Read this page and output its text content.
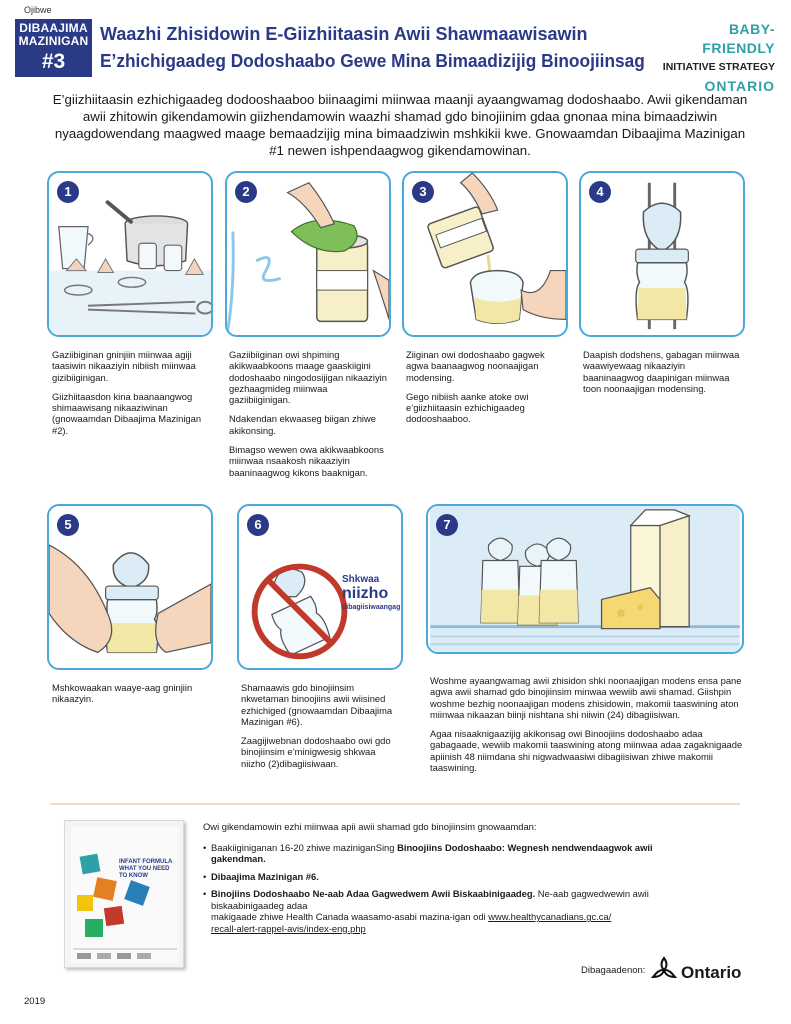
Ojibwe
DIBAAJIMA
MAZINIGAN
#3
Waazhi Zhisidowin E-Giizhiitaasin Awii Shawmaawisawin
E’zhichigaadeg Dodoshaabo Gewe Mina Bimaadizijig Binoojiinsag
BABY-FRIENDLY
INITIATIVE STRATEGY
ONTARIO
E’giizhiitaasin ezhichigaadeg dodooshaaboo biinaagimi miinwaa maanji ayaangwamag dodoshaabo. Awii gikendaman awii zhitowin gikendamowin giizhendamowin waazhi shamad gdo binojiinim gdaa gnonaa mina bimaadziwin nyaagdowendang maagwed maage bemaadzijig mina bimaadziwin mshkikii kwe. Gnowaamdan Dibaajima Mazinigan #1 newen ishpendaagwog gikendamowinan.
1	2	3	4

Gaziibiginan gninjiin miinwaa agiji taasiwin nikaaziyin nibiish miinwaa gizibiiginigan.

Giizhiitaasdon kina baanaangwog shimaawisang nikaaziwinan (gnowaamdan Dibaajima Mazinigan #2).

Gaziibiiginan owi shpiming akikwaabkoons maage gaaskiigini dodoshaabo ningodosijigan nikaaziyin gezhaagmideg miinwaa gaziibiiginigan.

Ndakendan ekwaaseg biigan zhiwe akikonsing.

Bimagso wewen owa akikwaabkoons miinwaa nsaakosh nikaaziyin baaninaagwog kikons baaknigan.

Ziiginan owi dodoshaabo gagwek agwa baanaagwog noonaajigan modensing.

Gego nibiish aanke atoke owi e’giizhiitaasin ezhichigaadeg dodooshaaboo.

Daapish dodshens, gabagan miinwaa waawiyewaag nikaaziyin baaninaagwog daapinigan miinwaa toon noonaajigan modensing.

5	6
Shkwaa
niizho
dibagiisiwaangag
7

Mshkowaakan waaye-aag gninjiin nikaazyin.

Shamaawis gdo binojiinsim nkwetaman binoojiins awii wiisined ezhichiged (gnowaamdan Dibaajima Mazinigan #6).

Zaagijiwebnan dodoshaabo owi gdo binojiinsim e’minigwesig shkwaa niizho (2)dibagiisiwaan.

Woshme ayaangwamag awii zhisidon shki noonaajigan modens ensa pane agwa awii shamad gdo binojiinsim minwaa wewiib awii shamad. Giishpin woshme bezhig noonaajigan modens zhisidowin, makomii taaswining aton miinwaa nikaazan biinji nishtana shi niiwin (24) dibagiisiwan.

Agaa nisaaknigaazijig akikonsag owi Binoojiins dodoshaabo adaa gabagaade, wewiib makomii taaswining atong miinwaa adaa zagaknigaade apiinish 48 niimdana shi nigwadwaasiwi dibagiisiwan zhiwe makomii taaswining.

INFANT FORMULA WHAT YOU NEED TO KNOW
Owi gikendamowin ezhi miinwaa apii awii shamad gdo binojiinsim gnowaamdan:
• Baakiiginiganan 16-20 zhiwe maziniganSing Binoojiins Dodoshaabo: Wegnesh nendwendaagwok awii gakendman.
• Dibaajima Mazinigan #6.
• Binojiins Dodoshaabo Ne-aab Adaa Gagwedwem Awii Biskaabinigaadeg. Ne-aab gagwedwewin awii biskaabinigaadeg adaa
makigaade zhiwe Health Canada waasamo-asabi mazina-igan odi www.healthycanadians.gc.ca/
recall-alert-rappel-avis/index-eng.php
Dibagaadenon: Ontario
2019
